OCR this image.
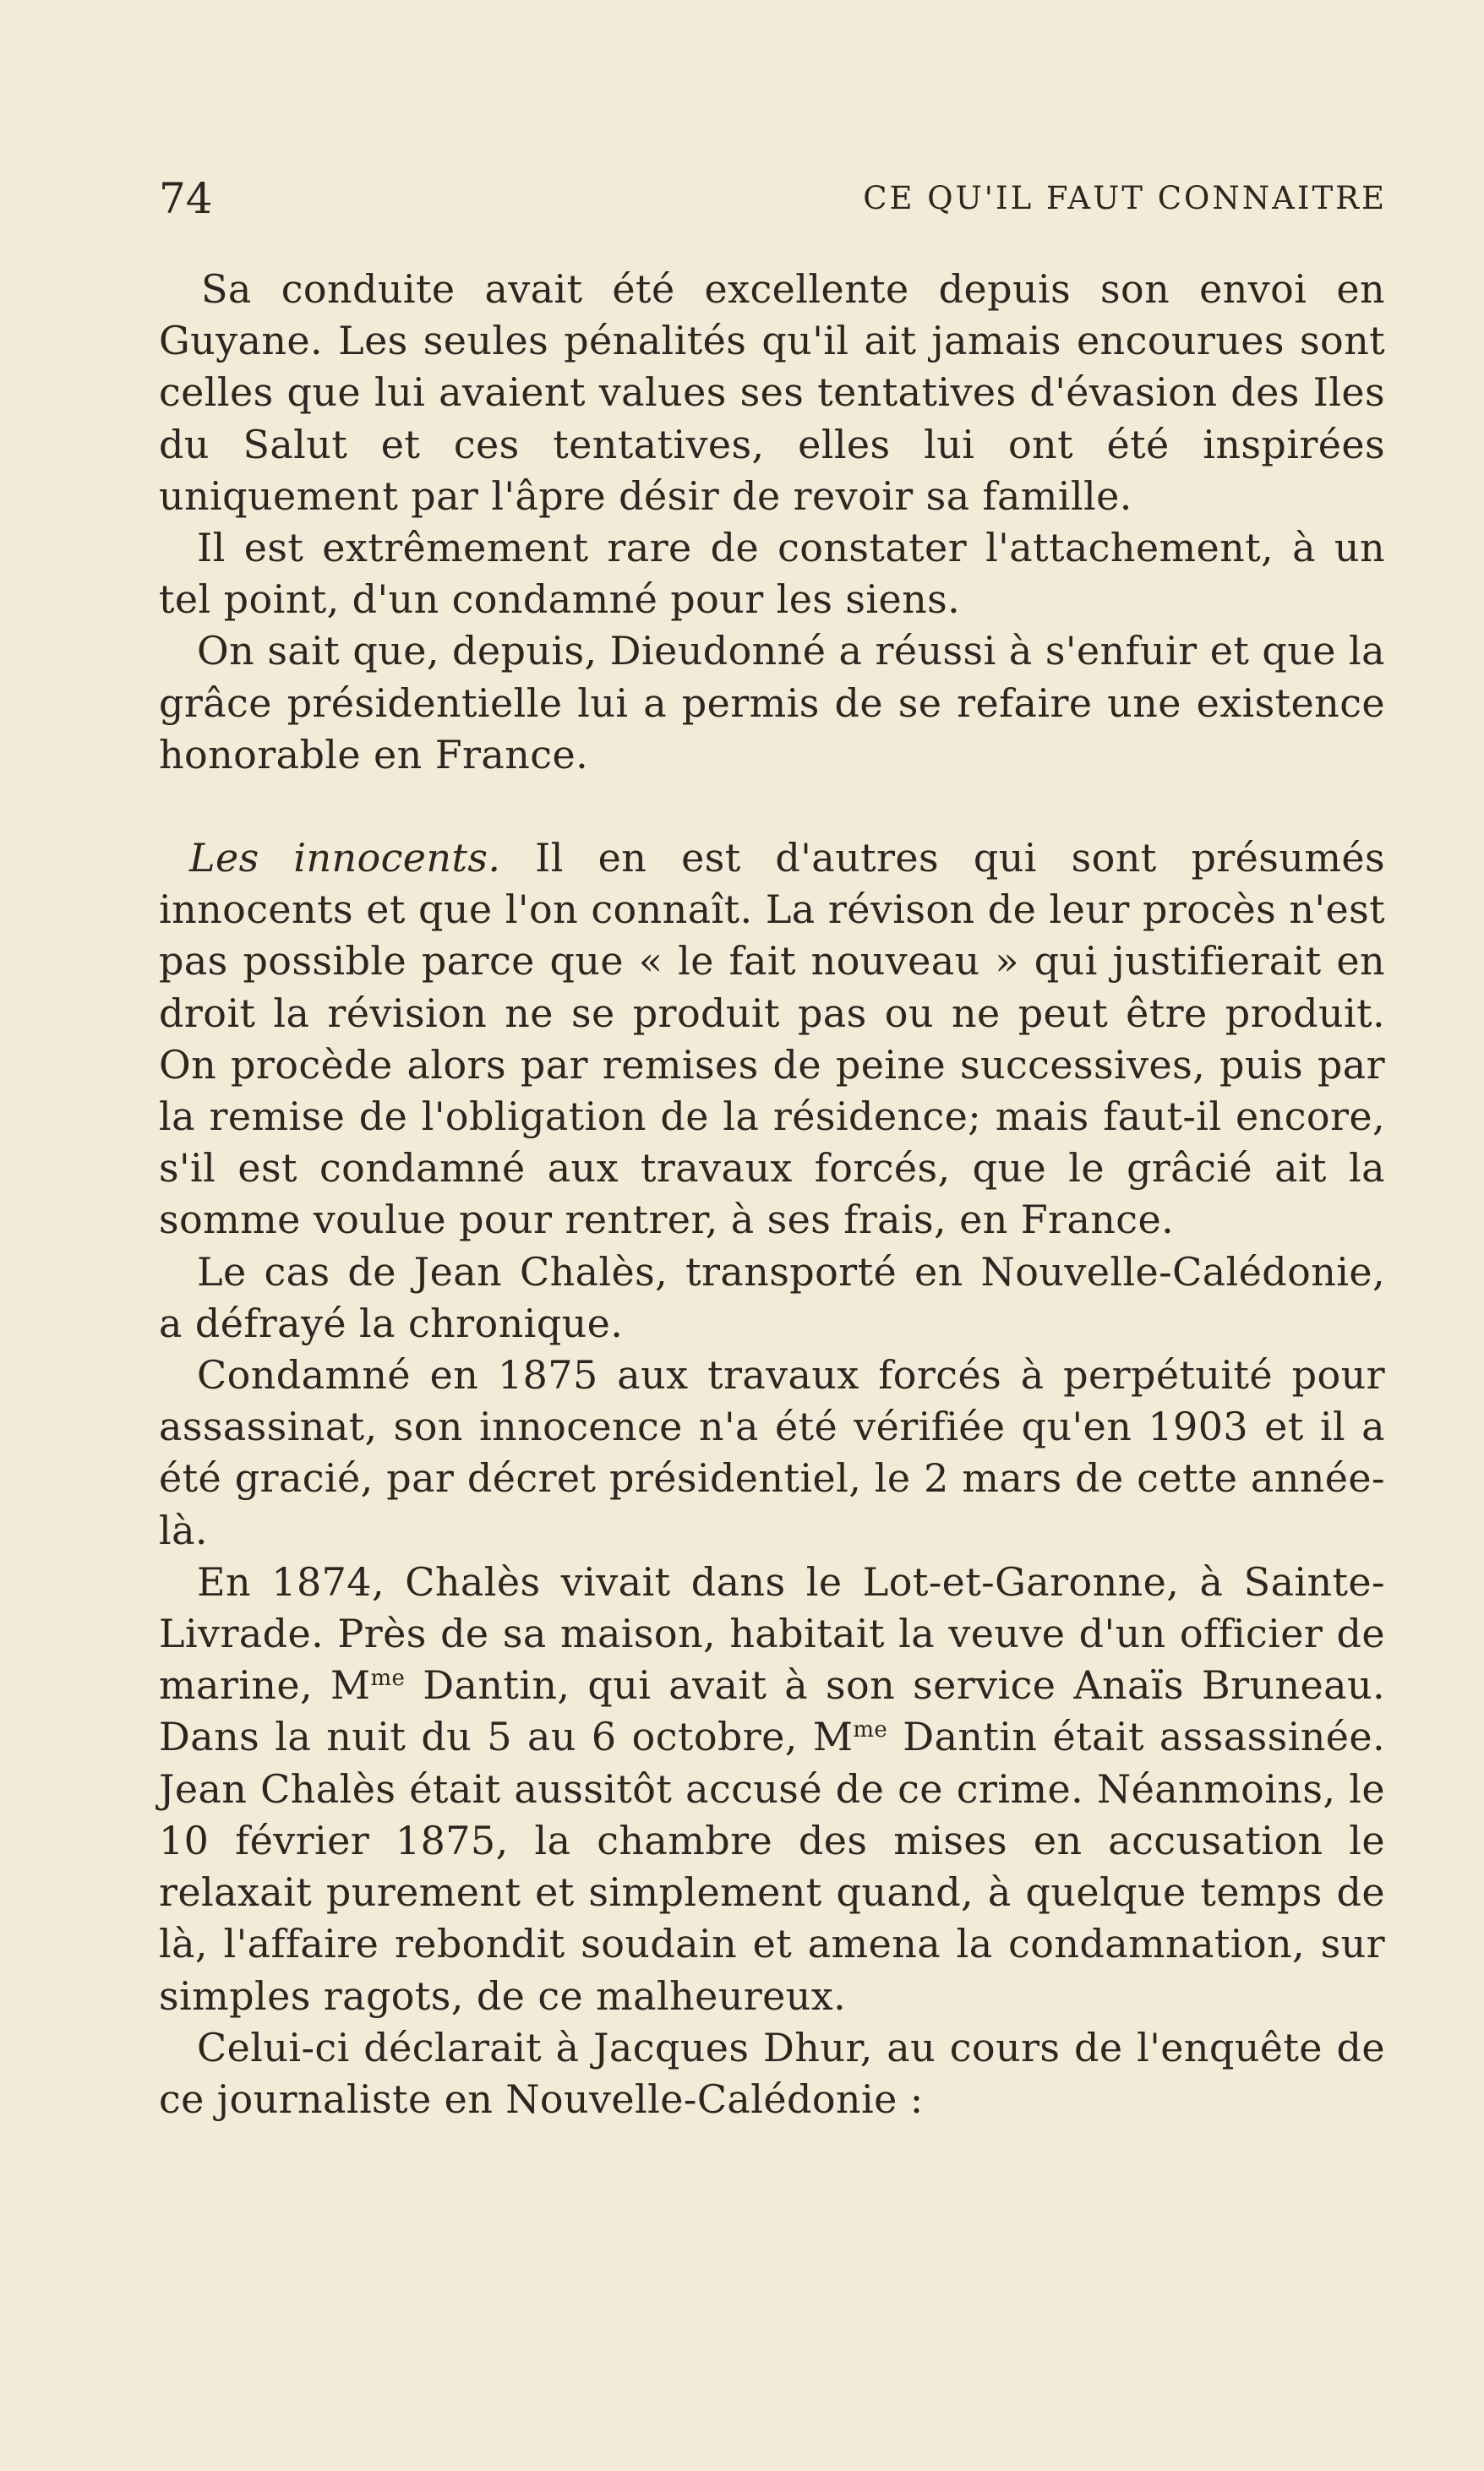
74	CE QU'IL FAUT CONNAITRE

Sa conduite avait été excellente depuis son envoi en Guyane. Les seules pénalités qu'il ait jamais encourues sont celles que lui avaient values ses tentatives d'évasion des Iles du Salut et ces tentatives, elles lui ont été inspirées uniquement par l'âpre désir de revoir sa famille.

Il est extrêmement rare de constater l'attachement, à un tel point, d'un condamné pour les siens.

On sait que, depuis, Dieudonné a réussi à s'enfuir et que la grâce présidentielle lui a permis de se refaire une existence honorable en France.

Les innocents. Il en est d'autres qui sont présumés innocents et que l'on connaît. La révison de leur procès n'est pas possible parce que « le fait nouveau » qui justifierait en droit la révision ne se produit pas ou ne peut être produit. On procède alors par remises de peine successives, puis par la remise de l'obligation de la résidence; mais faut-il encore, s'il est condamné aux travaux forcés, que le grâcié ait la somme voulue pour rentrer, à ses frais, en France.

Le cas de Jean Chalès, transporté en Nouvelle-Calédonie, a défrayé la chronique.

Condamné en 1875 aux travaux forcés à perpétuité pour assassinat, son innocence n'a été vérifiée qu'en 1903 et il a été gracié, par décret présidentiel, le 2 mars de cette année-là.

En 1874, Chalès vivait dans le Lot-et-Garonne, à Sainte-Livrade. Près de sa maison, habitait la veuve d'un officier de marine, $M^{me}$ Dantin, qui avait à son service Anaïs Bruneau. Dans la nuit du 5 au 6 octobre, $M^{me}$ Dantin était assassinée. Jean Chalès était aussitôt accusé de ce crime. Néanmoins, le 10 février 1875, la chambre des mises en accusation le relaxait purement et simplement quand, à quelque temps de là, l'affaire rebondit soudain et amena la condamnation, sur simples ragots, de ce malheureux.

Celui-ci déclarait à Jacques Dhur, au cours de l'enquête de ce journaliste en Nouvelle-Calédonie :
